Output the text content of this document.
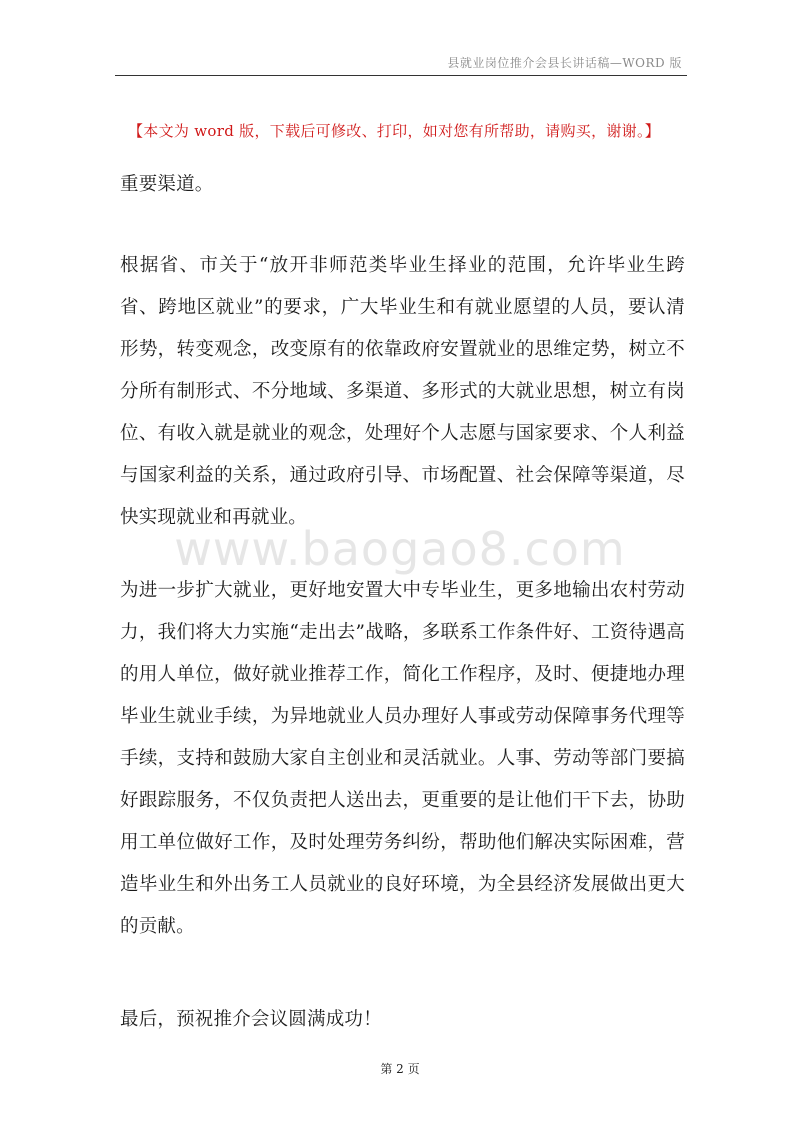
县就业岗位推介会县长讲话稿—WORD 版
【本文为 word 版，下载后可修改、打印，如对您有所帮助，请购买，谢谢。】
www.baogao8.com

重要渠道。

根据省、市关于“放开非师范类毕业生择业的范围，允许毕业生跨省、跨地区就业”的要求，广大毕业生和有就业愿望的人员，要认清形势，转变观念，改变原有的依靠政府安置就业的思维定势，树立不分所有制形式、不分地域、多渠道、多形式的大就业思想，树立有岗位、有收入就是就业的观念，处理好个人志愿与国家要求、个人利益与国家利益的关系，通过政府引导、市场配置、社会保障等渠道，尽快实现就业和再就业。

为进一步扩大就业，更好地安置大中专毕业生，更多地输出农村劳动力，我们将大力实施“走出去”战略，多联系工作条件好、工资待遇高的用人单位，做好就业推荐工作，简化工作程序，及时、便捷地办理毕业生就业手续，为异地就业人员办理好人事或劳动保障事务代理等手续，支持和鼓励大家自主创业和灵活就业。人事、劳动等部门要搞好跟踪服务，不仅负责把人送出去，更重要的是让他们干下去，协助用工单位做好工作，及时处理劳务纠纷，帮助他们解决实际困难，营造毕业生和外出务工人员就业的良好环境，为全县经济发展做出更大的贡献。

最后，预祝推介会议圆满成功！

第 2 页
